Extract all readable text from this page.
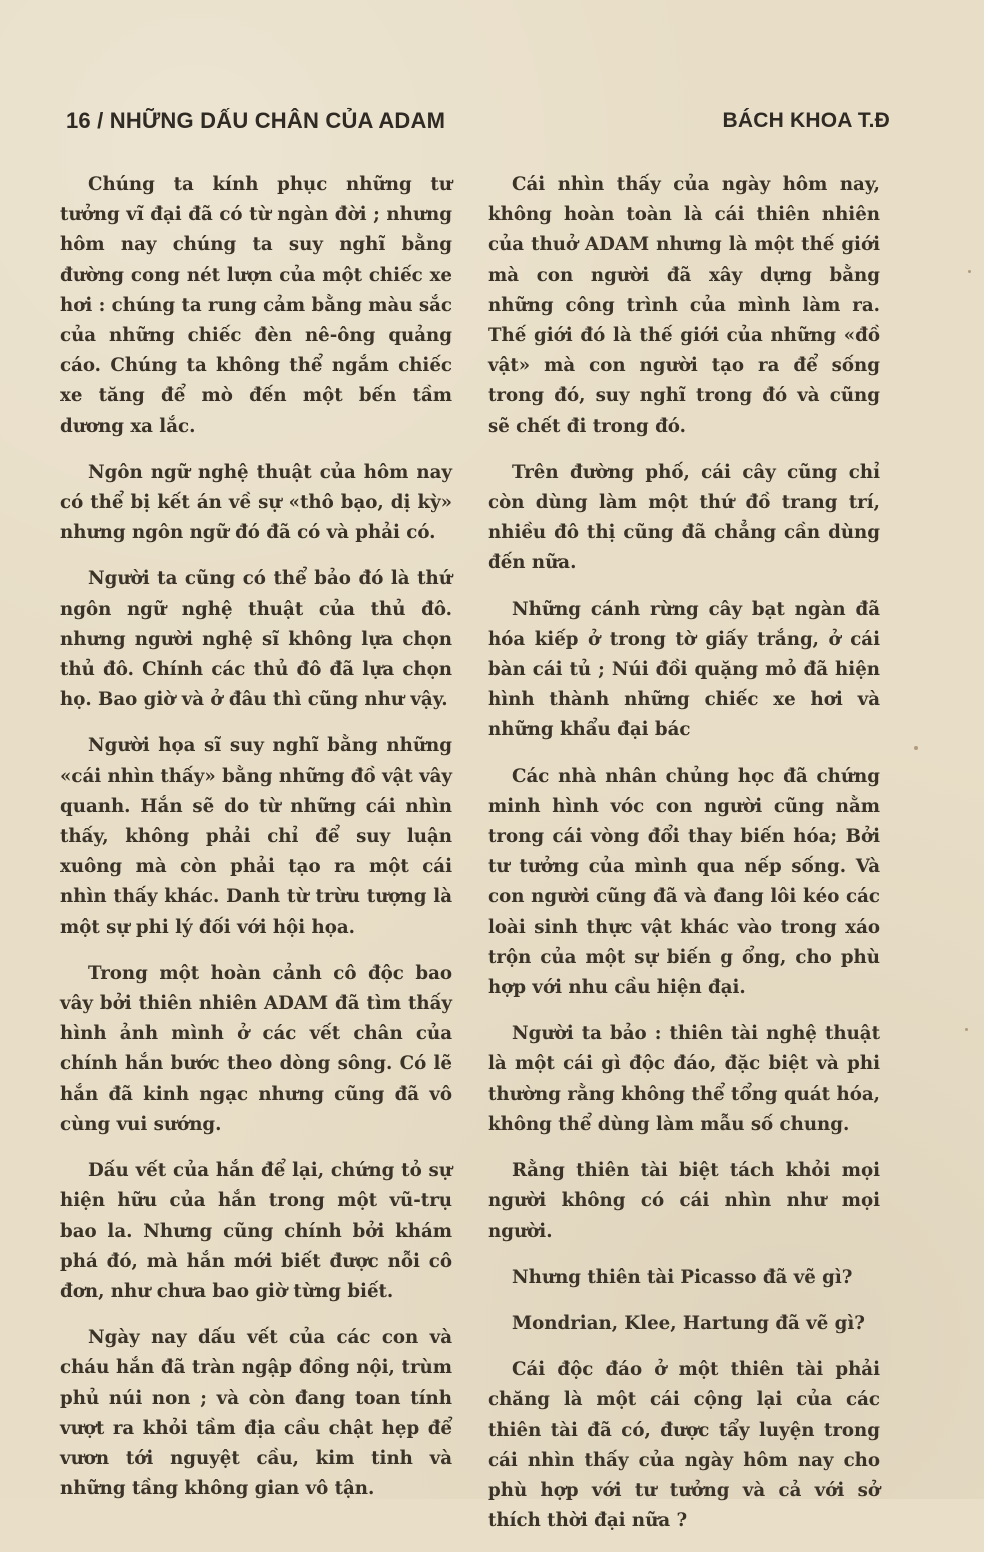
16 / NHỮNG DẤU CHÂN CỦA ADAM	BÁCH KHOA T.Đ

Chúng ta kính phục những tư tưởng vĩ đại đã có từ ngàn đời ; nhưng hôm nay chúng ta suy nghĩ bằng đường cong nét lượn của một chiếc xe hơi : chúng ta rung cảm bằng màu sắc của những chiếc đèn nê-ông quảng cáo. Chúng ta không thể ngắm chiếc xe tăng để mò đến một bến tầm dương xa lắc.

Ngôn ngữ nghệ thuật của hôm nay có thể bị kết án về sự «thô bạo, dị kỳ» nhưng ngôn ngữ đó đã có và phải có.

Người ta cũng có thể bảo đó là thứ ngôn ngữ nghệ thuật của thủ đô. nhưng người nghệ sĩ không lựa chọn thủ đô. Chính các thủ đô đã lựa chọn họ. Bao giờ và ở đâu thì cũng như vậy.

Người họa sĩ suy nghĩ bằng những «cái nhìn thấy» bằng những đồ vật vây quanh. Hắn sẽ do từ những cái nhìn thấy, không phải chỉ để suy luận xuông mà còn phải tạo ra một cái nhìn thấy khác. Danh từ trừu tượng là một sự phi lý đối với hội họa.

Trong một hoàn cảnh cô độc bao vây bởi thiên nhiên ADAM đã tìm thấy hình ảnh mình ở các vết chân của chính hắn bước theo dòng sông. Có lẽ hắn đã kinh ngạc nhưng cũng đã vô cùng vui sướng.

Dấu vết của hắn để lại, chứng tỏ sự hiện hữu của hắn trong một vũ-trụ bao la. Nhưng cũng chính bởi khám phá đó, mà hắn mới biết được nỗi cô đơn, như chưa bao giờ từng biết.

Ngày nay dấu vết của các con và cháu hắn đã tràn ngập đồng nội, trùm phủ núi non ; và còn đang toan tính vượt ra khỏi tầm địa cầu chật hẹp để vươn tới nguyệt cầu, kim tinh và những tầng không gian vô tận.

Cái nhìn thấy của ngày hôm nay, không hoàn toàn là cái thiên nhiên của thuở ADAM nhưng là một thế giới mà con người đã xây dựng bằng những công trình của mình làm ra. Thế giới đó là thế giới của những «đồ vật» mà con người tạo ra để sống trong đó, suy nghĩ trong đó và cũng sẽ chết đi trong đó.

Trên đường phố, cái cây cũng chỉ còn dùng làm một thứ đồ trang trí, nhiều đô thị cũng đã chẳng cần dùng đến nữa.

Những cánh rừng cây bạt ngàn đã hóa kiếp ở trong tờ giấy trắng, ở cái bàn cái tủ ; Núi đồi quặng mỏ đã hiện hình thành những chiếc xe hơi và những khẩu đại bác

Các nhà nhân chủng học đã chứng minh hình vóc con người cũng nằm trong cái vòng đổi thay biến hóa; Bởi tư tưởng của mình qua nếp sống. Và con người cũng đã và đang lôi kéo các loài sinh thực vật khác vào trong xáo trộn của một sự biến g ổng, cho phù hợp với nhu cầu hiện đại.

Người ta bảo : thiên tài nghệ thuật là một cái gì độc đáo, đặc biệt và phi thường rằng không thể tổng quát hóa, không thể dùng làm mẫu số chung.

Rằng thiên tài biệt tách khỏi mọi người không có cái nhìn như mọi người.

Nhưng thiên tài Picasso đã vẽ gì?

Mondrian, Klee, Hartung đã vẽ gì?

Cái độc đáo ở một thiên tài phải chăng là một cái cộng lại của các thiên tài đã có, được tẩy luyện trong cái nhìn thấy của ngày hôm nay cho phù hợp với tư tưởng và cả với sở thích thời đại nữa ?
